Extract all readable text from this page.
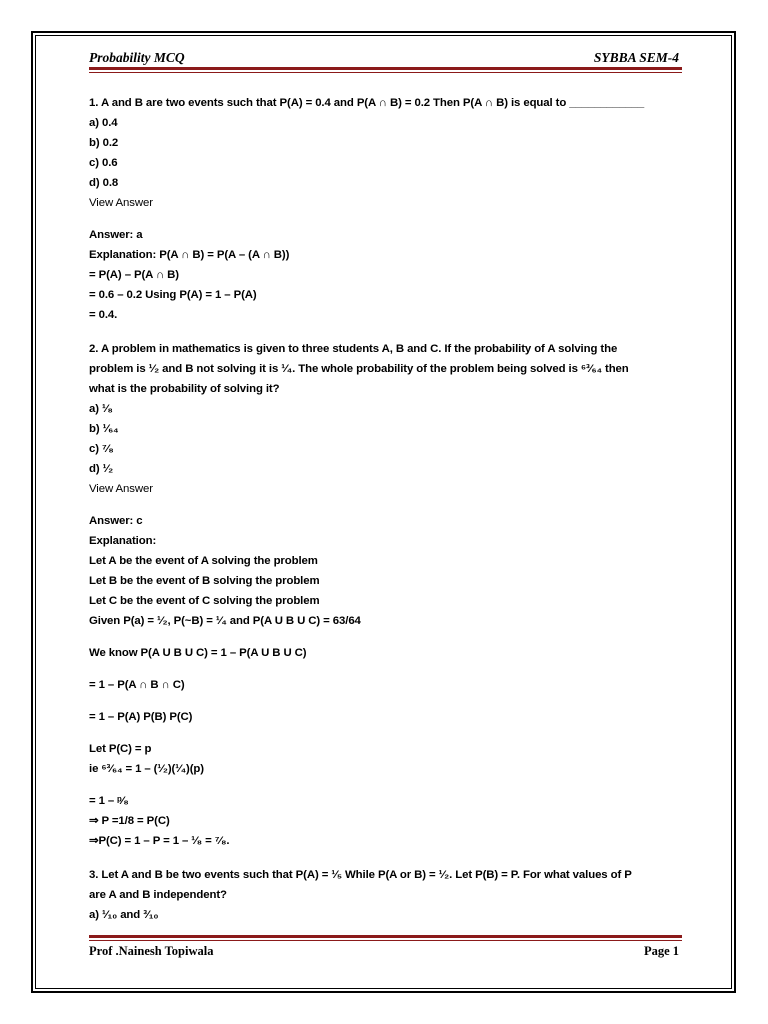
Probability MCQ	SYBBA SEM-4
1. A and B are two events such that P(A) = 0.4 and P(A ∩ B) = 0.2 Then P(A ∩ B) is equal to ____________
a) 0.4
b) 0.2
c) 0.6
d) 0.8
View Answer
Answer: a
Explanation: P(A ∩ B) = P(A – (A ∩ B))
= P(A) – P(A ∩ B)
= 0.6 – 0.2 Using P(A) = 1 – P(A)
= 0.4.
2. A problem in mathematics is given to three students A, B and C. If the probability of A solving the
problem is ¹⁄₂ and B not solving it is ¹⁄₄. The whole probability of the problem being solved is ⁶³⁄₆₄ then
what is the probability of solving it?
a) ¹⁄₈
b) ¹⁄₆₄
c) ⁷⁄₈
d) ¹⁄₂
View Answer
Answer: c
Explanation:
Let A be the event of A solving the problem
Let B be the event of B solving the problem
Let C be the event of C solving the problem
Given P(a) = ¹⁄₂, P(~B) = ¹⁄₄ and P(A U B U C) = 63/64
We know P(A U B U C) = 1 – P(A U B U C)
= 1 – P(A ∩ B ∩ C)
= 1 – P(A) P(B) P(C)
Let P(C) = p
ie ⁶³⁄₆₄ = 1 – (¹⁄₂)(¹⁄₄)(p)
= 1 – ᵖ⁄₈
⇒ P =1/8 = P(C)
⇒P(C) = 1 – P = 1 – ¹⁄₈ = ⁷⁄₈.
3. Let A and B be two events such that P(A) = ¹⁄₅ While P(A or B) = ¹⁄₂. Let P(B) = P. For what values of P
are A and B independent?
a) ¹⁄₁₀ and ³⁄₁₀
Prof .Nainesh Topiwala	Page 1
